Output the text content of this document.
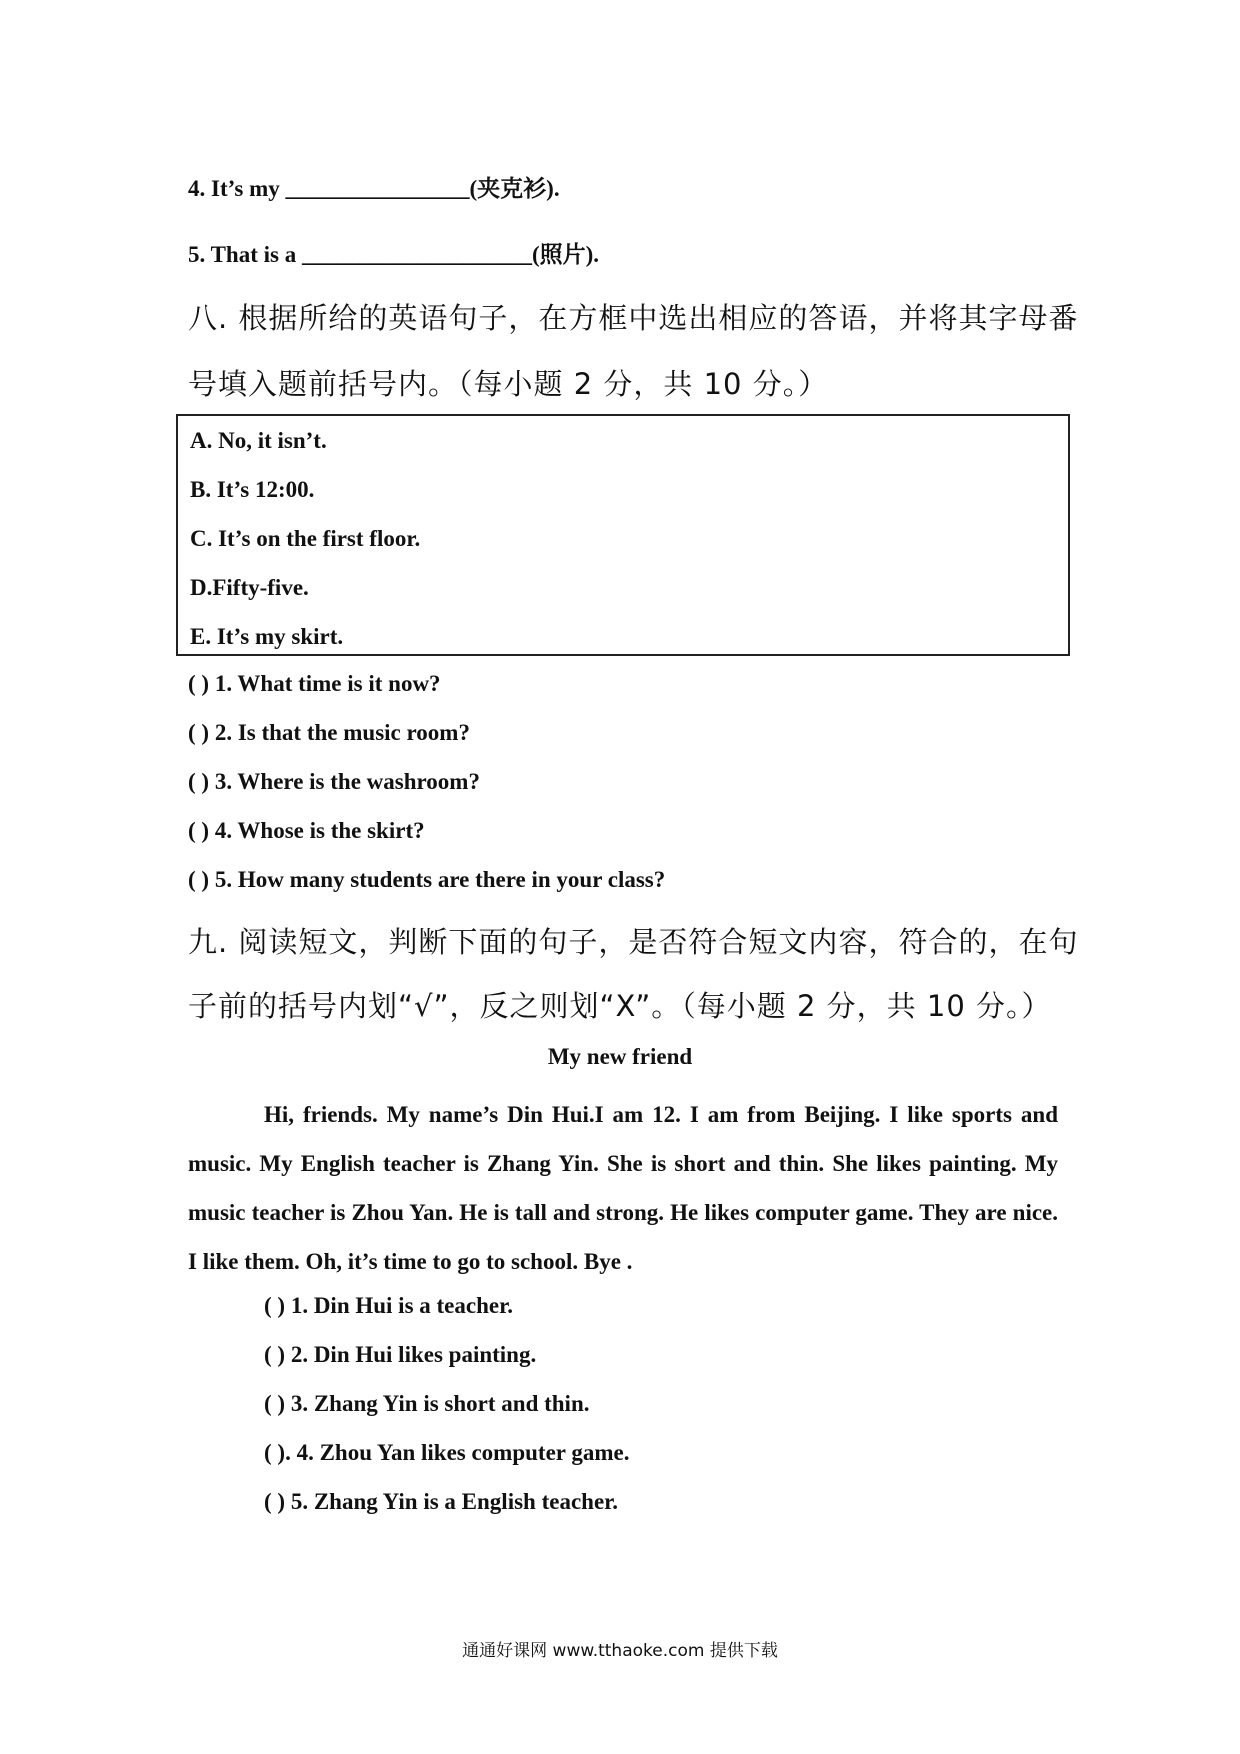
4. It’s my ________________(夹克衫).
5. That is a ____________________(照片).
八. 根据所给的英语句子，在方框中选出相应的答语，并将其字母番
号填入题前括号内。（每小题 2 分，共 10 分。）
A. No, it isn’t.
B. It’s 12:00.
C. It’s on the first floor.
D.Fifty-five.
E. It’s my skirt.
( ) 1. What time is it now?
( ) 2. Is that the music room?
( ) 3. Where is the washroom?
( ) 4. Whose is the skirt?
( ) 5. How many students are there in your class?
九. 阅读短文，判断下面的句子，是否符合短文内容，符合的，在句
子前的括号内划“√”，反之则划“X”。（每小题 2 分，共 10 分。）
My new friend
Hi, friends. My name’s Din Hui.I am 12. I am from Beijing. I like sports and music. My English teacher is Zhang Yin. She is short and thin. She likes painting. My music teacher is Zhou Yan. He is tall and strong. He likes computer game. They are nice. I like them. Oh, it’s time to go to school. Bye .
( ) 1. Din Hui is a teacher.
( ) 2. Din Hui likes painting.
( ) 3. Zhang Yin is short and thin.
( ). 4. Zhou Yan likes computer game.
( ) 5. Zhang Yin is a English teacher.
通通好课网 www.tthaoke.com 提供下载
